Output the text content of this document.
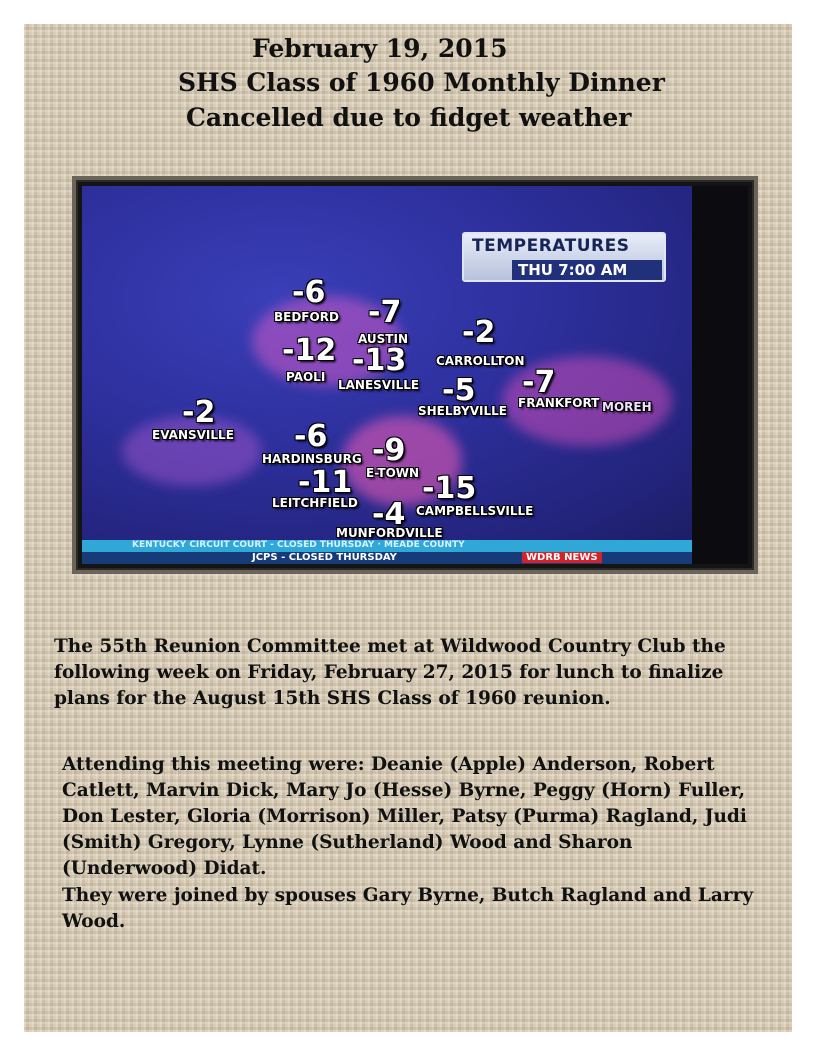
February 19, 2015
SHS Class of 1960 Monthly Dinner
Cancelled due to fidget weather
TEMPERATURES
THU 7:00 AM
-6
BEDFORD -7
AUSTIN -2
CARROLLTON
-12
PAOLI -13
LANESVILLE -5
SHELBYVILLE
-7
FRANKFORT MOREH
-2
EVANSVILLE -6
HARDINSBURG -9
E-TOWN
-11
LEITCHFIELD -15
CAMPBELLSVILLE
-4
MUNFORDVILLE
KENTUCKY CIRCUIT COURT - CLOSED THURSDAY · MEADE COUNTY
JCPS - CLOSED THURSDAY	WDRB NEWS
The 55th Reunion Committee met at Wildwood Country Club the following week on Friday, February 27, 2015 for lunch to finalize plans for the August 15th SHS Class of 1960 reunion.
Attending this meeting were: Deanie (Apple) Anderson, Robert Catlett, Marvin Dick, Mary Jo (Hesse) Byrne, Peggy (Horn) Fuller, Don Lester, Gloria (Morrison) Miller, Patsy (Purma) Ragland, Judi (Smith) Gregory, Lynne (Sutherland) Wood and Sharon (Underwood) Didat.
They were joined by spouses Gary Byrne, Butch Ragland and Larry Wood.
